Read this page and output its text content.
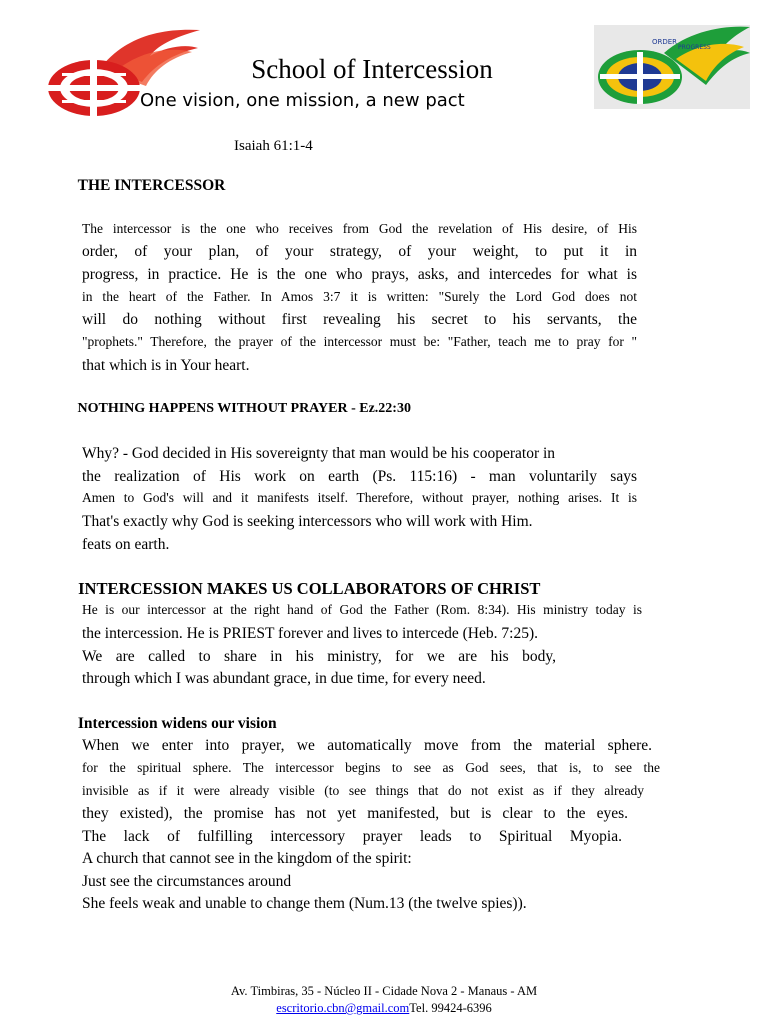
ORDER
PROGRESS
School of Intercession
One vision, one mission, a new pact
Isaiah 61:1-4
THE INTERCESSOR
The intercessor is the one who receives from God the revelation of His desire, of His
order, of your plan, of your strategy, of your weight, to put it in
progress, in practice. He is the one who prays, asks, and intercedes for what is
in the heart of the Father. In Amos 3:7 it is written: "Surely the Lord God does not
will do nothing without first revealing his secret to his servants, the
"prophets." Therefore, the prayer of the intercessor must be: "Father, teach me to pray for "
that which is in Your heart.
NOTHING HAPPENS WITHOUT PRAYER - Ez.22:30
Why? - God decided in His sovereignty that man would be his cooperator in
the realization of His work on earth (Ps. 115:16) - man voluntarily says
Amen to God's will and it manifests itself. Therefore, without prayer, nothing arises. It is
That's exactly why God is seeking intercessors who will work with Him.
feats on earth.
INTERCESSION MAKES US COLLABORATORS OF CHRIST
He is our intercessor at the right hand of God the Father (Rom. 8:34). His ministry today is
the intercession. He is PRIEST forever and lives to intercede (Heb. 7:25).
We are called to share in his ministry, for we are his body,
through which I was abundant grace, in due time, for every need.
Intercession widens our vision
When we enter into prayer, we automatically move from the material sphere.
for the spiritual sphere. The intercessor begins to see as God sees, that is, to see the
invisible as if it were already visible (to see things that do not exist as if they already
they existed), the promise has not yet manifested, but is clear to the eyes.
The lack of fulfilling intercessory prayer leads to Spiritual Myopia.
A church that cannot see in the kingdom of the spirit:
Just see the circumstances around
She feels weak and unable to change them (Num.13 (the twelve spies)).
Av. Timbiras, 35 - Núcleo II - Cidade Nova 2 - Manaus - AM
escritorio.cbn@gmail.comTel. 99424-6396
